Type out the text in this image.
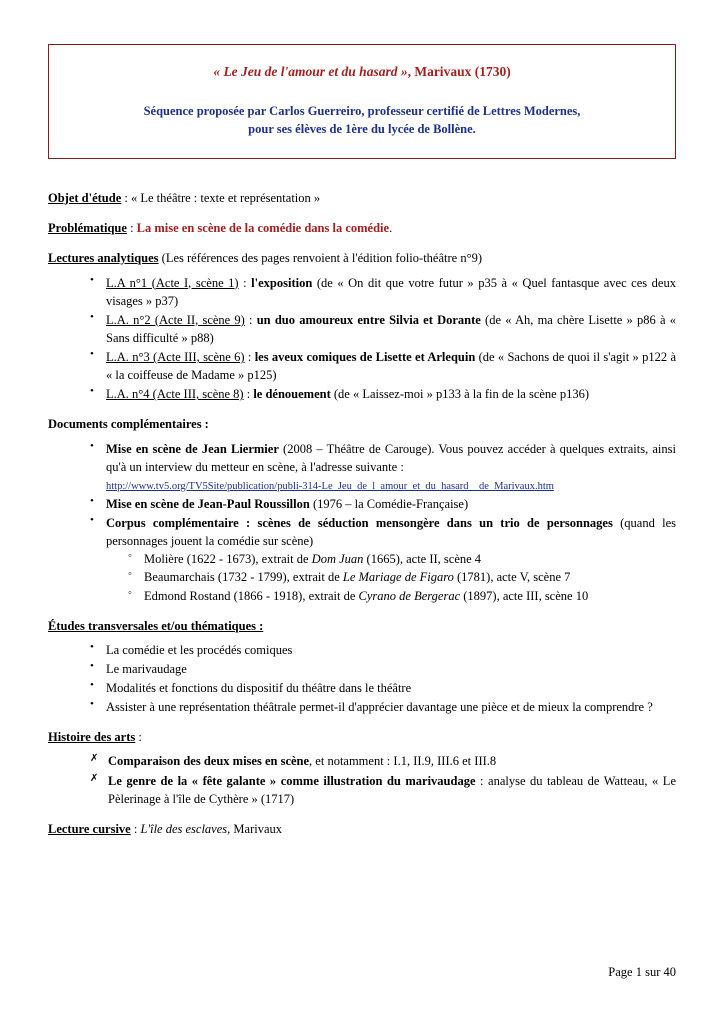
« Le Jeu de l'amour et du hasard », Marivaux (1730)
Séquence proposée par Carlos Guerreiro, professeur certifié de Lettres Modernes,
pour ses élèves de 1ère du lycée de Bollène.
Objet d'étude : « Le théâtre : texte et représentation »
Problématique : La mise en scène de la comédie dans la comédie.
Lectures analytiques (Les références des pages renvoient à l'édition folio-théâtre n°9)
• L.A n°1 (Acte I, scène 1) : l'exposition (de « On dit que votre futur » p35 à « Quel fantasque avec ces deux visages » p37)
• L.A. n°2 (Acte II, scène 9) : un duo amoureux entre Silvia et Dorante (de « Ah, ma chère Lisette » p86 à « Sans difficulté » p88)
• L.A. n°3 (Acte III, scène 6) : les aveux comiques de Lisette et Arlequin (de « Sachons de quoi il s'agit » p122 à « la coiffeuse de Madame » p125)
• L.A. n°4 (Acte III, scène 8) : le dénouement (de « Laissez-moi » p133 à la fin de la scène p136)
Documents complémentaires :
• Mise en scène de Jean Liermier (2008 – Théâtre de Carouge). Vous pouvez accéder à quelques extraits, ainsi qu'à un interview du metteur en scène, à l'adresse suivante :
http://www.tv5.org/TV5Site/publication/publi-314-Le_Jeu_de_l_amour_et_du_hasard__de_Marivaux.htm
• Mise en scène de Jean-Paul Roussillon (1976 – la Comédie-Française)
• Corpus complémentaire : scènes de séduction mensongère dans un trio de personnages (quand les personnages jouent la comédie sur scène)
◦ Molière (1622 - 1673), extrait de Dom Juan (1665), acte II, scène 4
◦ Beaumarchais (1732 - 1799), extrait de Le Mariage de Figaro (1781), acte V, scène 7
◦ Edmond Rostand (1866 - 1918), extrait de Cyrano de Bergerac (1897), acte III, scène 10
Études transversales et/ou thématiques :
• La comédie et les procédés comiques
• Le marivaudage
• Modalités et fonctions du dispositif du théâtre dans le théâtre
• Assister à une représentation théâtrale permet-il d'apprécier davantage une pièce et de mieux la comprendre ?
Histoire des arts :
✗ Comparaison des deux mises en scène, et notamment : I.1, II.9, III.6 et III.8
✗ Le genre de la « fête galante » comme illustration du marivaudage : analyse du tableau de Watteau, « Le Pèlerinage à l'île de Cythère » (1717)
Lecture cursive : L'île des esclaves, Marivaux
Page 1 sur 40
